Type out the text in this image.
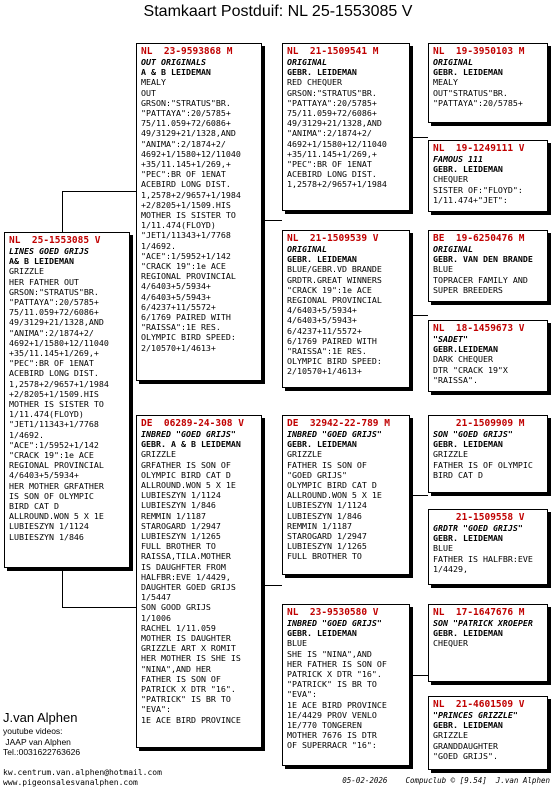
Stamkaart Postduif: NL 25-1553085 V
NL  25-1553085 V
LINES GOED GRIJS
A& B LEIDEMAN
GRIZZLE
HER FATHER OUT
GRSON:"STRATUS"BR.
"PATTAYA":20/5785+
75/11.059+72/6086+
49/3129+21/1328,AND
"ANIMA":2/1874+2/
4692+1/1580+12/11040
+35/11.145+1/269,+
"PEC":BR OF 1ENAT
ACEBIRD LONG DIST.
1,2578+2/9657+1/1984
+2/8205+1/1509.HIS
MOTHER IS SISTER TO
1/11.474(FLOYD)
"JET1/11343+1/7768
1/4692.
"ACE":1/5952+1/142
"CRACK 19":1e ACE
REGIONAL PROVINCIAL
4/6403+5/5934+
HER MOTHER GRFATHER
IS SON OF OLYMPIC
BIRD CAT D
ALLROUND.WON 5 X 1E
LUBIESZYN 1/1124
LUBIESZYN 1/846
NL  23-9593868 M
OUT ORIGINALS
A & B LEIDEMAN
MEALY
OUT
GRSON:"STRATUS"BR.
"PATTAYA":20/5785+
75/11.059+72/6086+
49/3129+21/1328,AND
"ANIMA":2/1874+2/
4692+1/1580+12/11040
+35/11.145+1/269,+
"PEC":BR OF 1ENAT
ACEBIRD LONG DIST.
1,2578+2/9657+1/1984
+2/8205+1/1509.HIS
MOTHER IS SISTER TO
1/11.474(FLOYD)
"JET1/11343+1/7768
1/4692.
"ACE":1/5952+1/142
"CRACK 19":1e ACE
REGIONAL PROVINCIAL
4/6403+5/5934+
4/6403+5/5943+
6/4237+11/5572+
6/1769 PAIRED WITH
"RAISSA":1E RES.
OLYMPIC BIRD SPEED:
2/10570+1/4613+
DE  06289-24-308 V
INBRED "GOED GRIJS"
GEBR. A & B LEIDEMAN
GRIZZLE
GRFATHER IS SON OF
OLYMPIC BIRD CAT D
ALLROUND.WON 5 X 1E
LUBIESZYN 1/1124
LUBIESZYN 1/846
REMMIN 1/1187
STAROGARD 1/2947
LUBIESZYN 1/1265
FULL BROTHER TO
RAISSA,TILA.MOTHER
IS DAUGHFTER FROM
HALFBR:EVE 1/4429,
DAUGHTER GOED GRIJS
1/5447
SON GOOD GRIJS
1/1006
RACHEL 1/11.059
MOTHER IS DAUGHTER
GRIZZLE ART X ROMIT
HER MOTHER IS SHE IS
"NINA",AND HER
FATHER IS SON OF
PATRICK X DTR "16".
"PATRICK" IS BR TO
"EVA":
1E ACE BIRD PROVINCE
NL  21-1509541 M
ORIGINAL
GEBR. LEIDEMAN
RED CHEQUER
GRSON:"STRATUS"BR.
"PATTAYA":20/5785+
75/11.059+72/6086+
49/3129+21/1328,AND
"ANIMA":2/1874+2/
4692+1/1580+12/11040
+35/11.145+1/269,+
"PEC":BR OF 1ENAT
ACEBIRD LONG DIST.
1,2578+2/9657+1/1984
NL  21-1509539 V
ORIGINAL
GEBR. LEIDEMAN
BLUE/GEBR.VD BRANDE
GRDTR.GREAT WINNERS
"CRACK 19":1e ACE
REGIONAL PROVINCIAL
4/6403+5/5934+
4/6403+5/5943+
6/4237+11/5572+
6/1769 PAIRED WITH
"RAISSA":1E RES.
OLYMPIC BIRD SPEED:
2/10570+1/4613+
DE  32942-22-789 M
INBRED "GOED GRIJS"
GEBR. LEIDEMAN
GRIZZLE
FATHER IS SON OF
"GOED GRIJS"
OLYMPIC BIRD CAT D
ALLROUND.WON 5 X 1E
LUBIESZYN 1/1124
LUBIESZYN 1/846
REMMIN 1/1187
STAROGARD 1/2947
LUBIESZYN 1/1265
FULL BROTHER TO
NL  23-9530580 V
INBRED "GOED GRIJS"
GEBR. LEIDEMAN
BLUE
SHE IS "NINA",AND
HER FATHER IS SON OF
PATRICK X DTR "16".
"PATRICK" IS BR TO
"EVA":
1E ACE BIRD PROVINCE
1E/4429 PROV VENLO
1E/770 TONGEREN
MOTHER 7676 IS DTR
OF SUPERRACR "16":
NL  19-3950103 M
ORIGINAL
GEBR. LEIDEMAN
MEALY
OUT"STRATUS"BR.
"PATTAYA":20/5785+
NL  19-1249111 V
FAMOUS 111
GEBR. LEIDEMAN
CHEQUER
SISTER OF:"FLOYD":
1/11.474+"JET":
BE  19-6250476 M
ORIGINAL
GEBR. VAN DEN BRANDE
BLUE
TOPRACER FAMILY AND
SUPER BREEDERS
NL  18-1459673 V
"SADET"
GEBR.LEIDEMAN
DARK CHEQUER
DTR "CRACK 19"X
"RAISSA".
21-1509909 M
SON "GOED GRIJS"
GEBR. LEIDEMAN
GRIZZLE
FATHER IS OF OLYMPIC
BIRD CAT D
21-1509558 V
GRDTR "GOED GRIJS"
GEBR. LEIDEMAN
BLUE
FATHER IS HALFBR:EVE
1/4429,
NL  17-1647676 M
SON "PATRICK XROEPER
GEBR. LEIDEMAN
CHEQUER
NL  21-4601509 V
"PRINCES GRIZZLE"
GEBR. LEIDEMAN
GRIZZLE
GRANDDAUGHTER
"GOED GRIJS".
J.van Alphen
youtube videos:
JAAP van Alphen
Tel.:0031622763626
kw.centrum.van.alphen@hotmail.com
www.pigeonsalesvanalphen.com	05-02-2026    Compuclub © [9.54]  J.van Alphen
